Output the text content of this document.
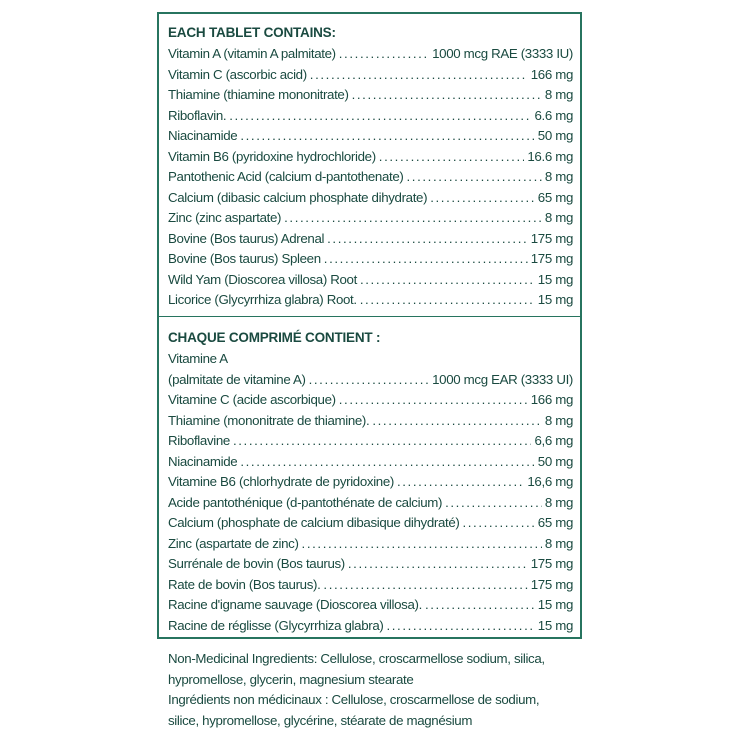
EACH TABLET CONTAINS:
Vitamin A (vitamin A palmitate) .....	1000 mcg RAE (3333 IU)
Vitamin C (ascorbic acid) .....	166 mg
Thiamine (thiamine mononitrate) .....	8 mg
Riboflavin. .....	6.6 mg
Niacinamide .....	50 mg
Vitamin B6 (pyridoxine hydrochloride) .....	16.6 mg
Pantothenic Acid (calcium d-pantothenate) .....	8 mg
Calcium (dibasic calcium phosphate dihydrate) .....	65 mg
Zinc (zinc aspartate) .....	8 mg
Bovine (Bos taurus) Adrenal .....	175 mg
Bovine (Bos taurus) Spleen .....	175 mg
Wild Yam (Dioscorea villosa) Root .....	15 mg
Licorice (Glycyrrhiza glabra) Root. .....	15 mg
CHAQUE COMPRIMÉ CONTIENT :
Vitamine A
(palmitate de vitamine A) .....	1000 mcg EAR (3333 UI)
Vitamine C (acide ascorbique) .....	166 mg
Thiamine (mononitrate de thiamine). .....	8 mg
Riboflavine .....	6,6 mg
Niacinamide .....	50 mg
Vitamine B6 (chlorhydrate de pyridoxine) .....	16,6 mg
Acide pantothénique (d-pantothénate de calcium) .....	8 mg
Calcium (phosphate de calcium dibasique dihydraté) .....	65 mg
Zinc (aspartate de zinc) .....	8 mg
Surrénale de bovin (Bos taurus) .....	175 mg
Rate de bovin (Bos taurus). .....	175 mg
Racine d'igname sauvage (Dioscorea villosa). .....	15 mg
Racine de réglisse (Glycyrrhiza glabra) .....	15 mg
Non-Medicinal Ingredients: Cellulose, croscarmellose sodium, silica,
hypromellose, glycerin, magnesium stearate
Ingrédients non médicinaux : Cellulose, croscarmellose de sodium,
silice, hypromellose, glycérine, stéarate de magnésium
